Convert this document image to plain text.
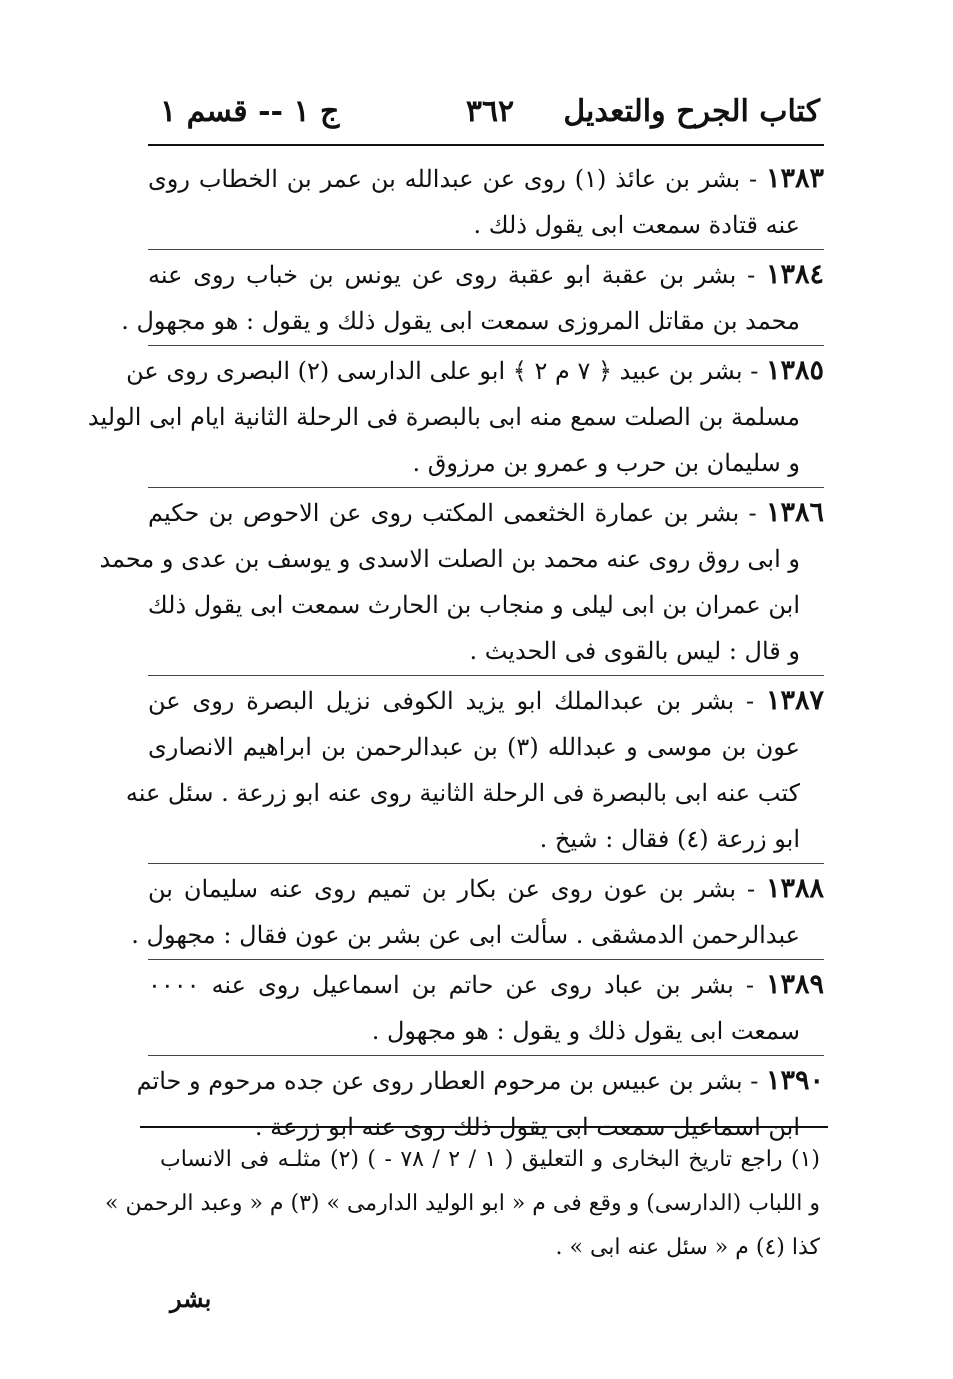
كتاب الجرح والتعديل
٣٦٢
ج ١ -- قسم ١
١٣٨٣ - بشر بن عائذ (١) روى عن عبدالله بن عمر بن الخطاب روى
عنه قتادة سمعت ابى يقول ذلك .
١٣٨٤ - بشر بن عقبة ابو عقبة روى عن يونس بن خباب روى عنه
محمد بن مقاتل المروزى سمعت ابى يقول ذلك و يقول : هو مجهول .
١٣٨٥ - بشر بن عبيد ﴿ ٧ م ٢ ﴾ ابو على الدارسى (٢) البصرى روى عن
مسلمة بن الصلت سمع منه ابى بالبصرة فى الرحلة الثانية ايام ابى الوليد
و سليمان بن حرب و عمرو بن مرزوق .
١٣٨٦ - بشر بن عمارة الخثعمى المكتب روى عن الاحوص بن حكيم
و ابى روق روى عنه محمد بن الصلت الاسدى و يوسف بن عدى و محمد
ابن عمران بن ابى ليلى و منجاب بن الحارث سمعت ابى يقول ذلك
و قال : ليس بالقوى فى الحديث .
١٣٨٧ - بشر بن عبدالملك ابو يزيد الكوفى نزيل البصرة روى عن
عون بن موسى و عبدالله (٣) بن عبدالرحمن بن ابراهيم الانصارى
كتب عنه ابى بالبصرة فى الرحلة الثانية روى عنه ابو زرعة . سئل عنه
ابو زرعة (٤) فقال : شيخ .
١٣٨٨ - بشر بن عون روى عن بكار بن تميم روى عنه سليمان بن
عبدالرحمن الدمشقى . سألت ابى عن بشر بن عون فقال : مجهول .
١٣٨٩ - بشر بن عباد روى عن حاتم بن اسماعيل روى عنه ٠٠٠٠
سمعت ابى يقول ذلك و يقول : هو مجهول .
١٣٩٠ - بشر بن عبيس بن مرحوم العطار روى عن جده مرحوم و حاتم
ابن اسماعيل سمعت ابى يقول ذلك روى عنه ابو زرعة .
(١) راجع تاريخ البخارى و التعليق ( ١ / ٢ / ٧٨ - ) (٢) مثلـه فى الانساب
و اللباب (الدارسى) و وقع فى م « ابو الوليد الدارمى » (٣) م « وعبد الرحمن »
كذا (٤) م « سئل عنه ابى » .
بشر
